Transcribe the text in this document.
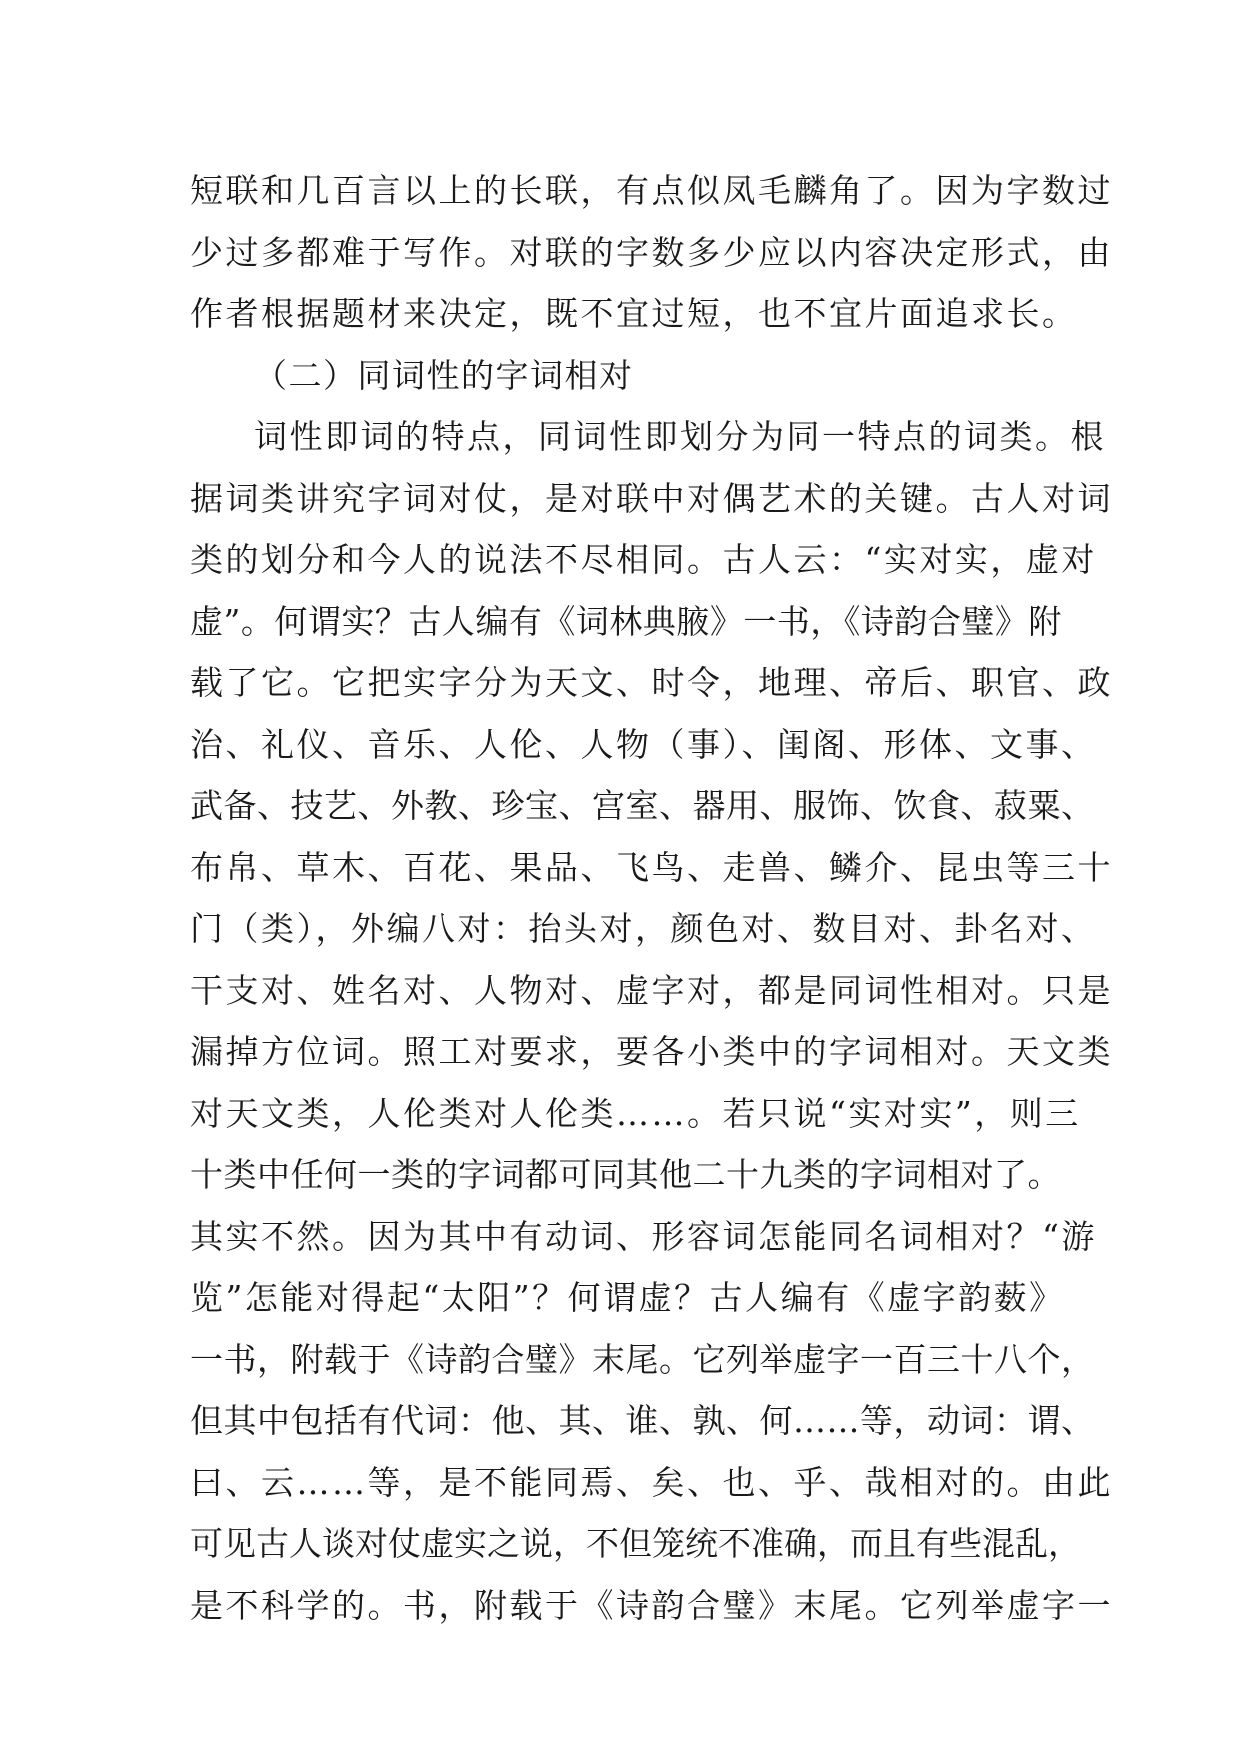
短联和几百言以上的长联，有点似凤毛麟角了。因为字数过
少过多都难于写作。对联的字数多少应以内容决定形式，由
作者根据题材来决定，既不宜过短，也不宜片面追求长。
（二）同词性的字词相对
词性即词的特点，同词性即划分为同一特点的词类。根
据词类讲究字词对仗，是对联中对偶艺术的关键。古人对词
类的划分和今人的说法不尽相同。古人云：“实对实，虚对
虚”。何谓实？古人编有《词林典腋》一书，《诗韵合璧》附
载了它。它把实字分为天文、时令，地理、帝后、职官、政
治、礼仪、音乐、人伦、人物（事）、闺阁、形体、文事、
武备、技艺、外教、珍宝、宫室、器用、服饰、饮食、菽粟、
布帛、草木、百花、果品、飞鸟、走兽、鳞介、昆虫等三十
门（类），外编八对：抬头对，颜色对、数目对、卦名对、
干支对、姓名对、人物对、虚字对，都是同词性相对。只是
漏掉方位词。照工对要求，要各小类中的字词相对。天文类
对天文类，人伦类对人伦类……。若只说“实对实”，则三
十类中任何一类的字词都可同其他二十九类的字词相对了。
其实不然。因为其中有动词、形容词怎能同名词相对？“游
览”怎能对得起“太阳”？何谓虚？古人编有《虚字韵薮》
一书，附载于《诗韵合璧》末尾。它列举虚字一百三十八个，
但其中包括有代词：他、其、谁、孰、何……等，动词：谓、
曰、云……等，是不能同焉、矣、也、乎、哉相对的。由此
可见古人谈对仗虚实之说，不但笼统不准确，而且有些混乱，
是不科学的。书，附载于《诗韵合璧》末尾。它列举虚字一
